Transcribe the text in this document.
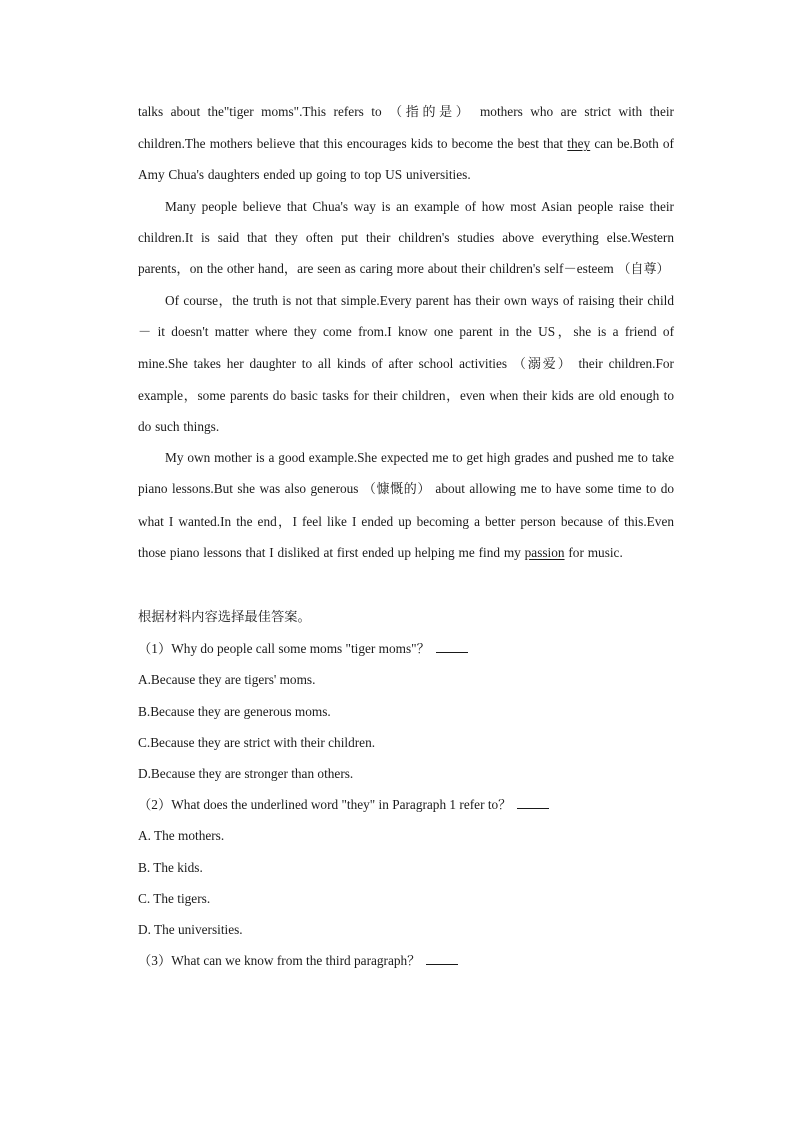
talks about the"tiger moms".This refers to （指的是） mothers who are strict with their children.The mothers believe that this encourages kids to become the best that they can be.Both of Amy Chua's daughters ended up going to top US universities.

Many people believe that Chua's way is an example of how most Asian people raise their children.It is said that they often put their children's studies above everything else.Western parents，on the other hand，are seen as caring more about their children's self－esteem （自尊）

Of course，the truth is not that simple.Every parent has their own ways of raising their child － it doesn't matter where they come from.I know one parent in the US，she is a friend of mine.She takes her daughter to all kinds of after school activities （溺爱） their children.For example，some parents do basic tasks for their children，even when their kids are old enough to do such things.

My own mother is a good example.She expected me to get high grades and pushed me to take piano lessons.But she was also generous （慷慨的） about allowing me to have some time to do what I wanted.In the end，I feel like I ended up becoming a better person because of this.Even those piano lessons that I disliked at first ended up helping me find my passion for music.

根据材料内容选择最佳答案。

（1）Why do people call some moms "tiger moms"？

A.Because they are tigers' moms.

B.Because they are generous moms.

C.Because they are strict with their children.

D.Because they are stronger than others.

（2）What does the underlined word "they" in Paragraph 1 refer to？

A. The mothers.

B. The kids.

C. The tigers.

D. The universities.

（3）What can we know from the third paragraph？
